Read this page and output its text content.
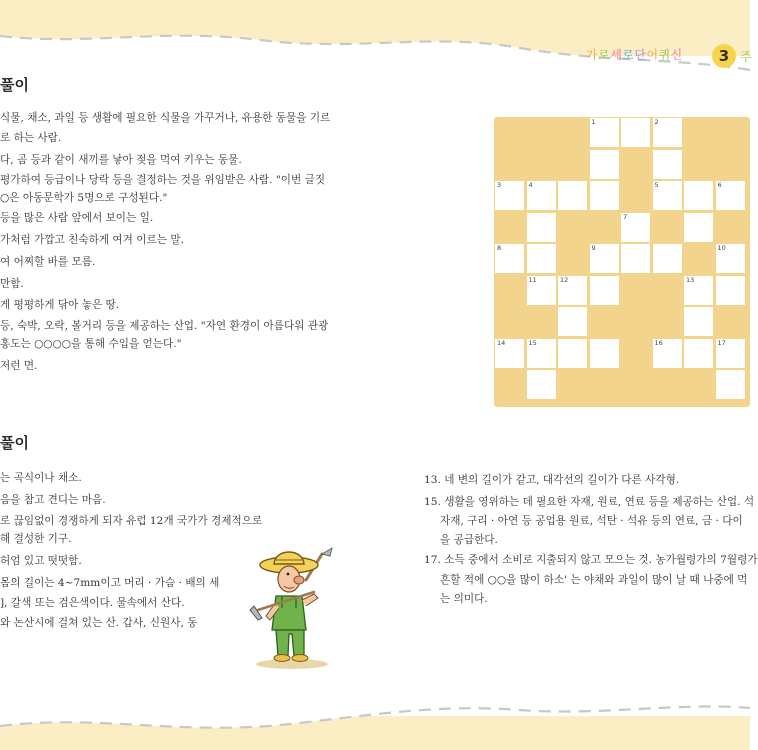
가로세로단어퀴신	3 주
풀이
식물, 채소, 과일 등 생활에 필요한 식물을 가꾸거나, 유용한 동물을 기르
로 하는 사람.
다, 곰 등과 같이 새끼를 낳아 젖을 먹여 키우는 동물.
평가하여 등급이나 당락 등을 결정하는 것을 위임받은 사람. "이번 글짓
○은 아동문학가 5명으로 구성된다."
등을 많은 사람 앞에서 보이는 일.
가처럼 가깝고 친숙하게 여겨 이르는 말.
여 어찌할 바를 모름.
만함.
게 평평하게 닦아 놓은 땅.
등, 숙박, 오락, 볼거리 등을 제공하는 산업. "자연 환경이 아름다워 관광
홍도는 ○○○○을 통해 수입을 얻는다."
저런 면.
풀이
는 곡식이나 채소.
음을 참고 견디는 마음.
로 끊임없이 경쟁하게 되자 유럽 12개 국가가 경제적으로
해 결성한 기구.
허엄 있고 떳떳함.
몸의 길이는 4~7mm이고 머리 · 가슴 · 배의 세
], 갈색 또는 검은색이다. 물속에서 산다.
와 논산시에 걸쳐 있는 산. 갑사, 신원사, 동
13. 네 변의 길이가 같고, 대각선의 길이가 다른 사각형.
15. 생활을 영위하는 데 필요한 자재, 원료, 연료 등을 제공하는 산업. 석
자재, 구리 · 아연 등 공업용 원료, 석탄 · 석유 등의 연료, 금 · 다이
을 공급한다.
17. 소득 중에서 소비로 지출되지 않고 모으는 것. 농가월령가의 7월령가
흔할 적에 ○○을 많이 하소' 는 야채와 과일이 많이 날 때 나중에 먹
는 의미다.
1	2
3	4	5	6
7
8	9	10
11	12	13
14	15	16	17
